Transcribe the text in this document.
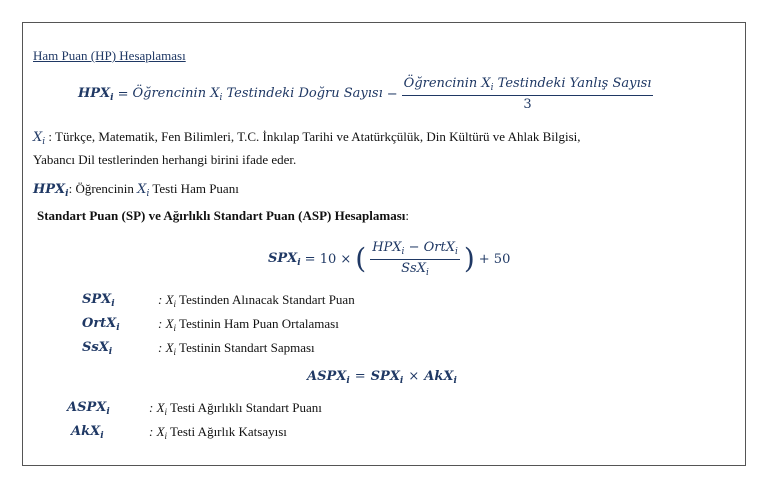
Ham Puan (HP) Hesaplaması
$HPX_i$ = Öğrencinin $X_i$ Testindeki Doğru Sayısı − $\frac{Öğrencinin X_i Testindeki Yanlış Sayısı}{3}$
$X_i$ : Türkçe, Matematik, Fen Bilimleri, T.C. İnkılap Tarihi ve Atatürkçülük, Din Kültürü ve Ahlak Bilgisi,
Yabancı Dil testlerinden herhangi birini ifade eder.
$HPX_i$: Öğrencinin $X_i$ Testi Ham Puanı
Standart Puan (SP) ve Ağırlıklı Standart Puan (ASP) Hesaplaması:
$SPX_i = 10$ × ( $\frac{HPX_i - OrtX_i}{SsX_i}$ ) + 50
$SPX_i$	: $X_i$ Testinden Alınacak Standart Puan
OrtX$_i$	: $X_i$ Testinin Ham Puan Ortalaması
SsX$_i$	: $X_i$ Testinin Standart Sapması
$ASPX_i = SPX_i \times AkX_i$
$ASPX_i$	: $X_i$ Testi Ağırlıklı Standart Puanı
AkX$_i$	: $X_i$ Testi Ağırlık Katsayısı
